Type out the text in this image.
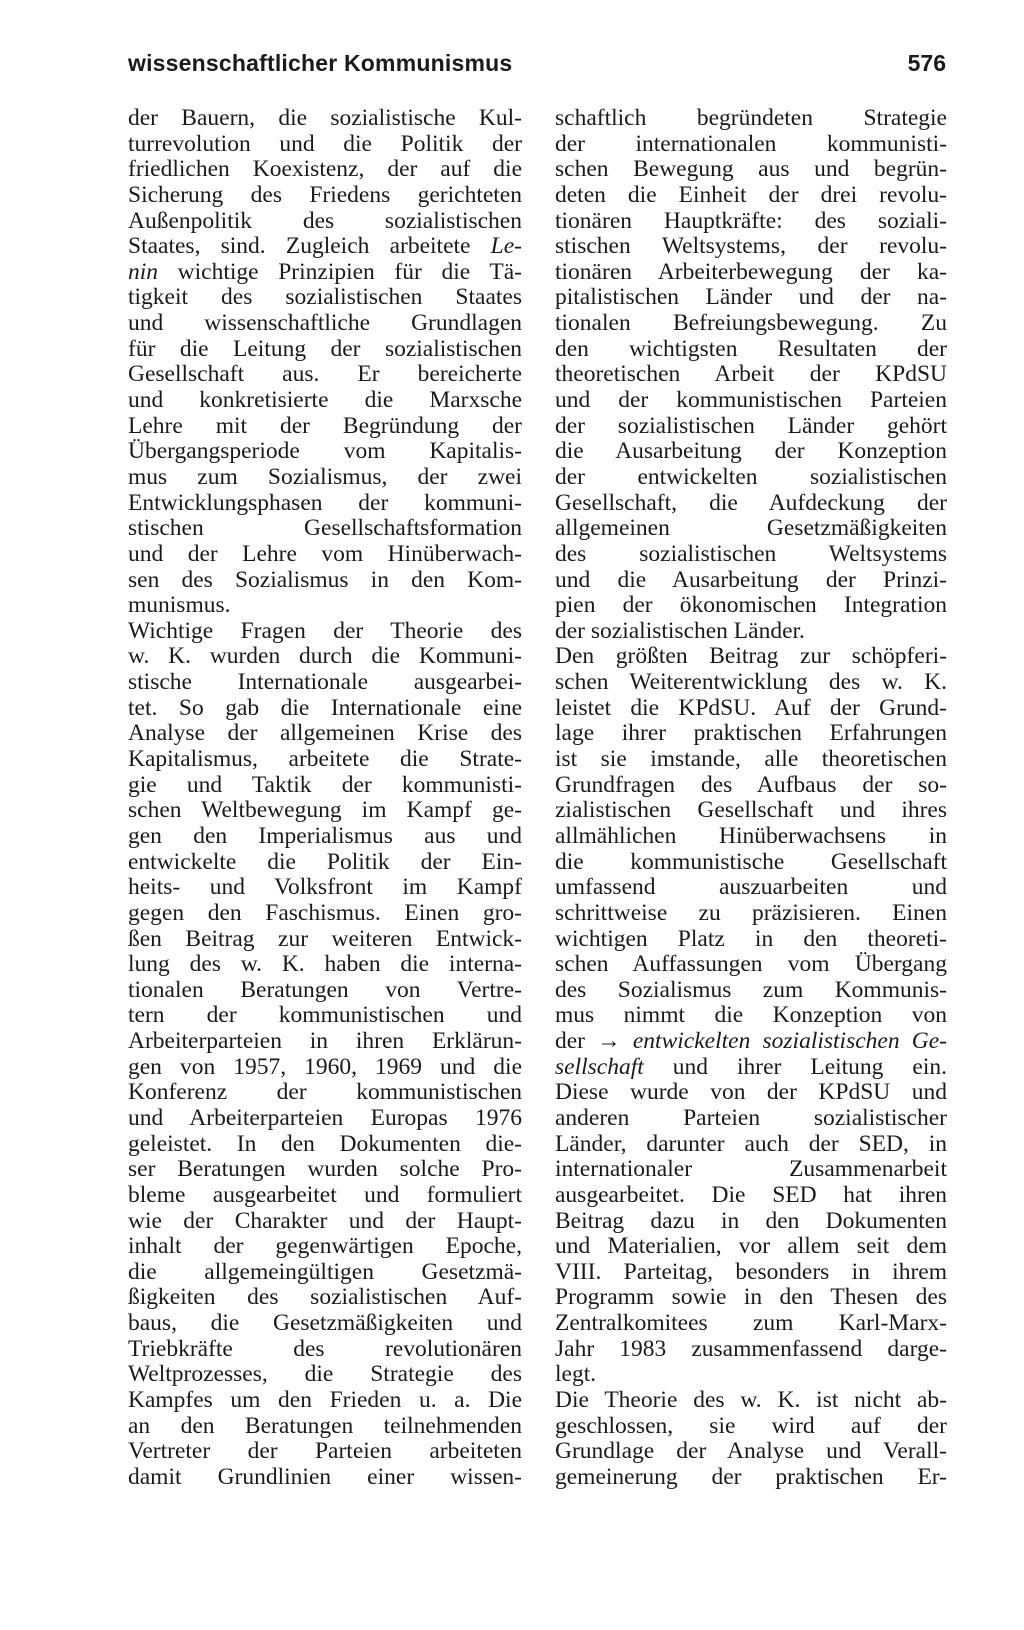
wissenschaftlicher Kommunismus	576
der Bauern, die sozialistische Kul-
turrevolution und die Politik der
friedlichen Koexistenz, der auf die
Sicherung des Friedens gerichteten
Außenpolitik des sozialistischen
Staates, sind. Zugleich arbeitete Le-
nin wichtige Prinzipien für die Tä-
tigkeit des sozialistischen Staates
und wissenschaftliche Grundlagen
für die Leitung der sozialistischen
Gesellschaft aus. Er bereicherte
und konkretisierte die Marxsche
Lehre mit der Begründung der
Übergangsperiode vom Kapitalis-
mus zum Sozialismus, der zwei
Entwicklungsphasen der kommuni-
stischen Gesellschaftsformation
und der Lehre vom Hinüberwach-
sen des Sozialismus in den Kom-
munismus.
Wichtige Fragen der Theorie des
w. K. wurden durch die Kommuni-
stische Internationale ausgearbei-
tet. So gab die Internationale eine
Analyse der allgemeinen Krise des
Kapitalismus, arbeitete die Strate-
gie und Taktik der kommunisti-
schen Weltbewegung im Kampf ge-
gen den Imperialismus aus und
entwickelte die Politik der Ein-
heits- und Volksfront im Kampf
gegen den Faschismus. Einen gro-
ßen Beitrag zur weiteren Entwick-
lung des w. K. haben die interna-
tionalen Beratungen von Vertre-
tern der kommunistischen und
Arbeiterparteien in ihren Erklärun-
gen von 1957, 1960, 1969 und die
Konferenz der kommunistischen
und Arbeiterparteien Europas 1976
geleistet. In den Dokumenten die-
ser Beratungen wurden solche Pro-
bleme ausgearbeitet und formuliert
wie der Charakter und der Haupt-
inhalt der gegenwärtigen Epoche,
die allgemeingültigen Gesetzmä-
ßigkeiten des sozialistischen Auf-
baus, die Gesetzmäßigkeiten und
Triebkräfte des revolutionären
Weltprozesses, die Strategie des
Kampfes um den Frieden u. a. Die
an den Beratungen teilnehmenden
Vertreter der Parteien arbeiteten
damit Grundlinien einer wissen-
schaftlich begründeten Strategie
der internationalen kommunisti-
schen Bewegung aus und begrün-
deten die Einheit der drei revolu-
tionären Hauptkräfte: des soziali-
stischen Weltsystems, der revolu-
tionären Arbeiterbewegung der ka-
pitalistischen Länder und der na-
tionalen Befreiungsbewegung. Zu
den wichtigsten Resultaten der
theoretischen Arbeit der KPdSU
und der kommunistischen Parteien
der sozialistischen Länder gehört
die Ausarbeitung der Konzeption
der entwickelten sozialistischen
Gesellschaft, die Aufdeckung der
allgemeinen Gesetzmäßigkeiten
des sozialistischen Weltsystems
und die Ausarbeitung der Prinzi-
pien der ökonomischen Integration
der sozialistischen Länder.
Den größten Beitrag zur schöpferi-
schen Weiterentwicklung des w. K.
leistet die KPdSU. Auf der Grund-
lage ihrer praktischen Erfahrungen
ist sie imstande, alle theoretischen
Grundfragen des Aufbaus der so-
zialistischen Gesellschaft und ihres
allmählichen Hinüberwachsens in
die kommunistische Gesellschaft
umfassend auszuarbeiten und
schrittweise zu präzisieren. Einen
wichtigen Platz in den theoreti-
schen Auffassungen vom Übergang
des Sozialismus zum Kommunis-
mus nimmt die Konzeption von
der → entwickelten sozialistischen Ge-
sellschaft und ihrer Leitung ein.
Diese wurde von der KPdSU und
anderen Parteien sozialistischer
Länder, darunter auch der SED, in
internationaler Zusammenarbeit
ausgearbeitet. Die SED hat ihren
Beitrag dazu in den Dokumenten
und Materialien, vor allem seit dem
VIII. Parteitag, besonders in ihrem
Programm sowie in den Thesen des
Zentralkomitees zum Karl-Marx-
Jahr 1983 zusammenfassend darge-
legt.
Die Theorie des w. K. ist nicht ab-
geschlossen, sie wird auf der
Grundlage der Analyse und Verall-
gemeinerung der praktischen Er-
